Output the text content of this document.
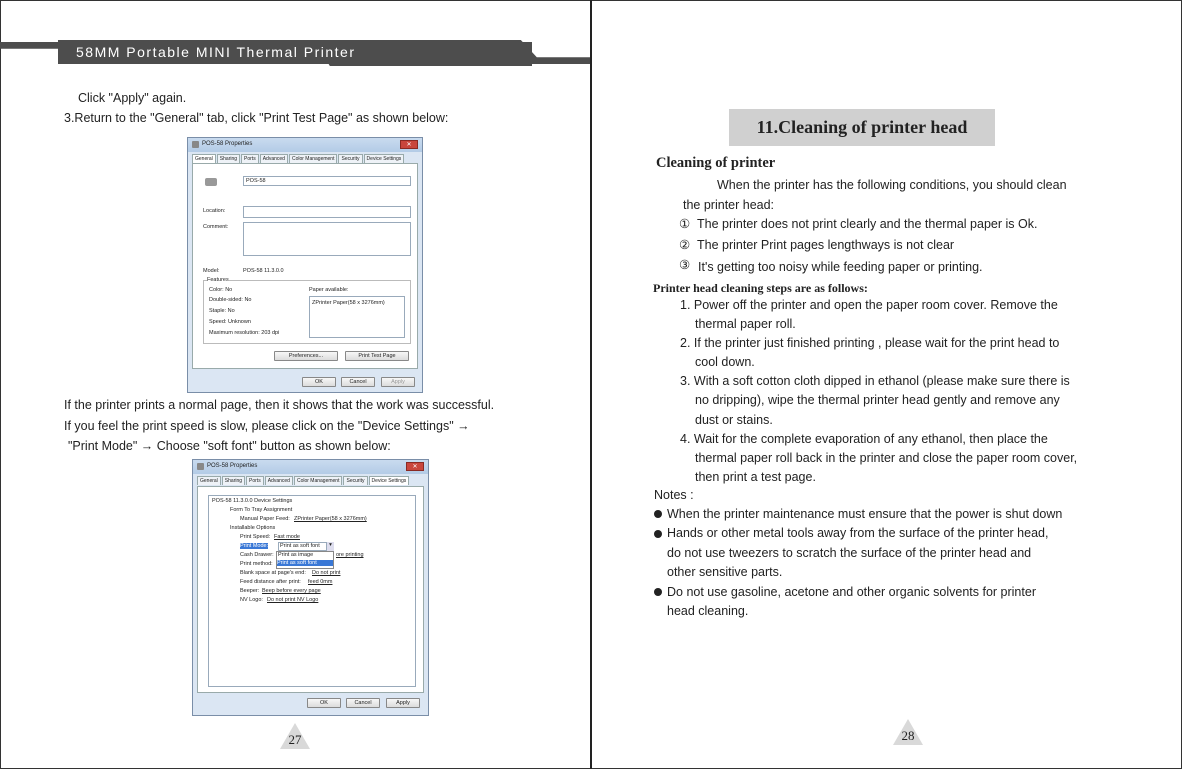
Click "Apply" again.
3.Return to the "General" tab, click "Print Test Page" as shown below:
POS-58 Properties	✕
General	Sharing	Ports	Advanced	Color Management	Security	Device Settings
POS-58
Location:
Comment:
Model:	POS-58 11.3.0.0
Features
Color: No
Double-sided: No
Staple: No
Speed: Unknown
Maximum resolution: 203 dpi
Paper available:
ZPrinter Paper(58 x 3276mm)
Preferences...	Print Test Page
OK	Cancel	Apply
If the printer prints a normal page, then it shows that the work was successful.
If you feel the print speed is slow, please click on the "Device Settings" →
"Print Mode" → Choose "soft font" button as shown below:
POS-58 Properties	✕
General	Sharing	Ports	Advanced	Color Management	Security	Device Settings
POS-58 11.3.0.0 Device Settings
Form To Tray Assignment
Manual Paper Feed: ZPrinter Paper(58 x 3276mm)
Installable Options
Print Speed: Fast mode
Print Mode: Print as soft font	▾
Cash Drawer: Print as image
Print as soft font
ore printing
Print method:
Blank space at page's end: Do not print
Feed distance after print: feed 0mm
Beeper: Beep before every page
NV Logo: Do not print NV Logo
OK	Cancel	Apply
27
58MM Portable MINI Thermal Printer
11.Cleaning of printer head
Cleaning of printer
When the printer has the following conditions, you should clean
the printer head:
① The printer does not print clearly and the thermal paper is Ok.
② The printer Print pages lengthways is not clear
③ It's getting too noisy while feeding paper or printing.
Printer head cleaning steps are as follows:
1. Power off the printer and open the paper room cover. Remove the
thermal paper roll.
2. If the printer just finished printing , please wait for the print head to
cool down.
3. With a soft cotton cloth dipped in ethanol (please make sure there is
no dripping), wipe the thermal printer head gently and remove any
dust or stains.
4. Wait for the complete evaporation of any ethanol, then place the
thermal paper roll back in the printer and close the paper room cover,
then print a test page.
Notes :
When the printer maintenance must ensure that the power is shut down
Hands or other metal tools away from the surface of the printer head,
do not use tweezers to scratch the surface of the printer head and
other sensitive parts.
Do not use gasoline, acetone and other organic solvents for printer
head cleaning.
28
